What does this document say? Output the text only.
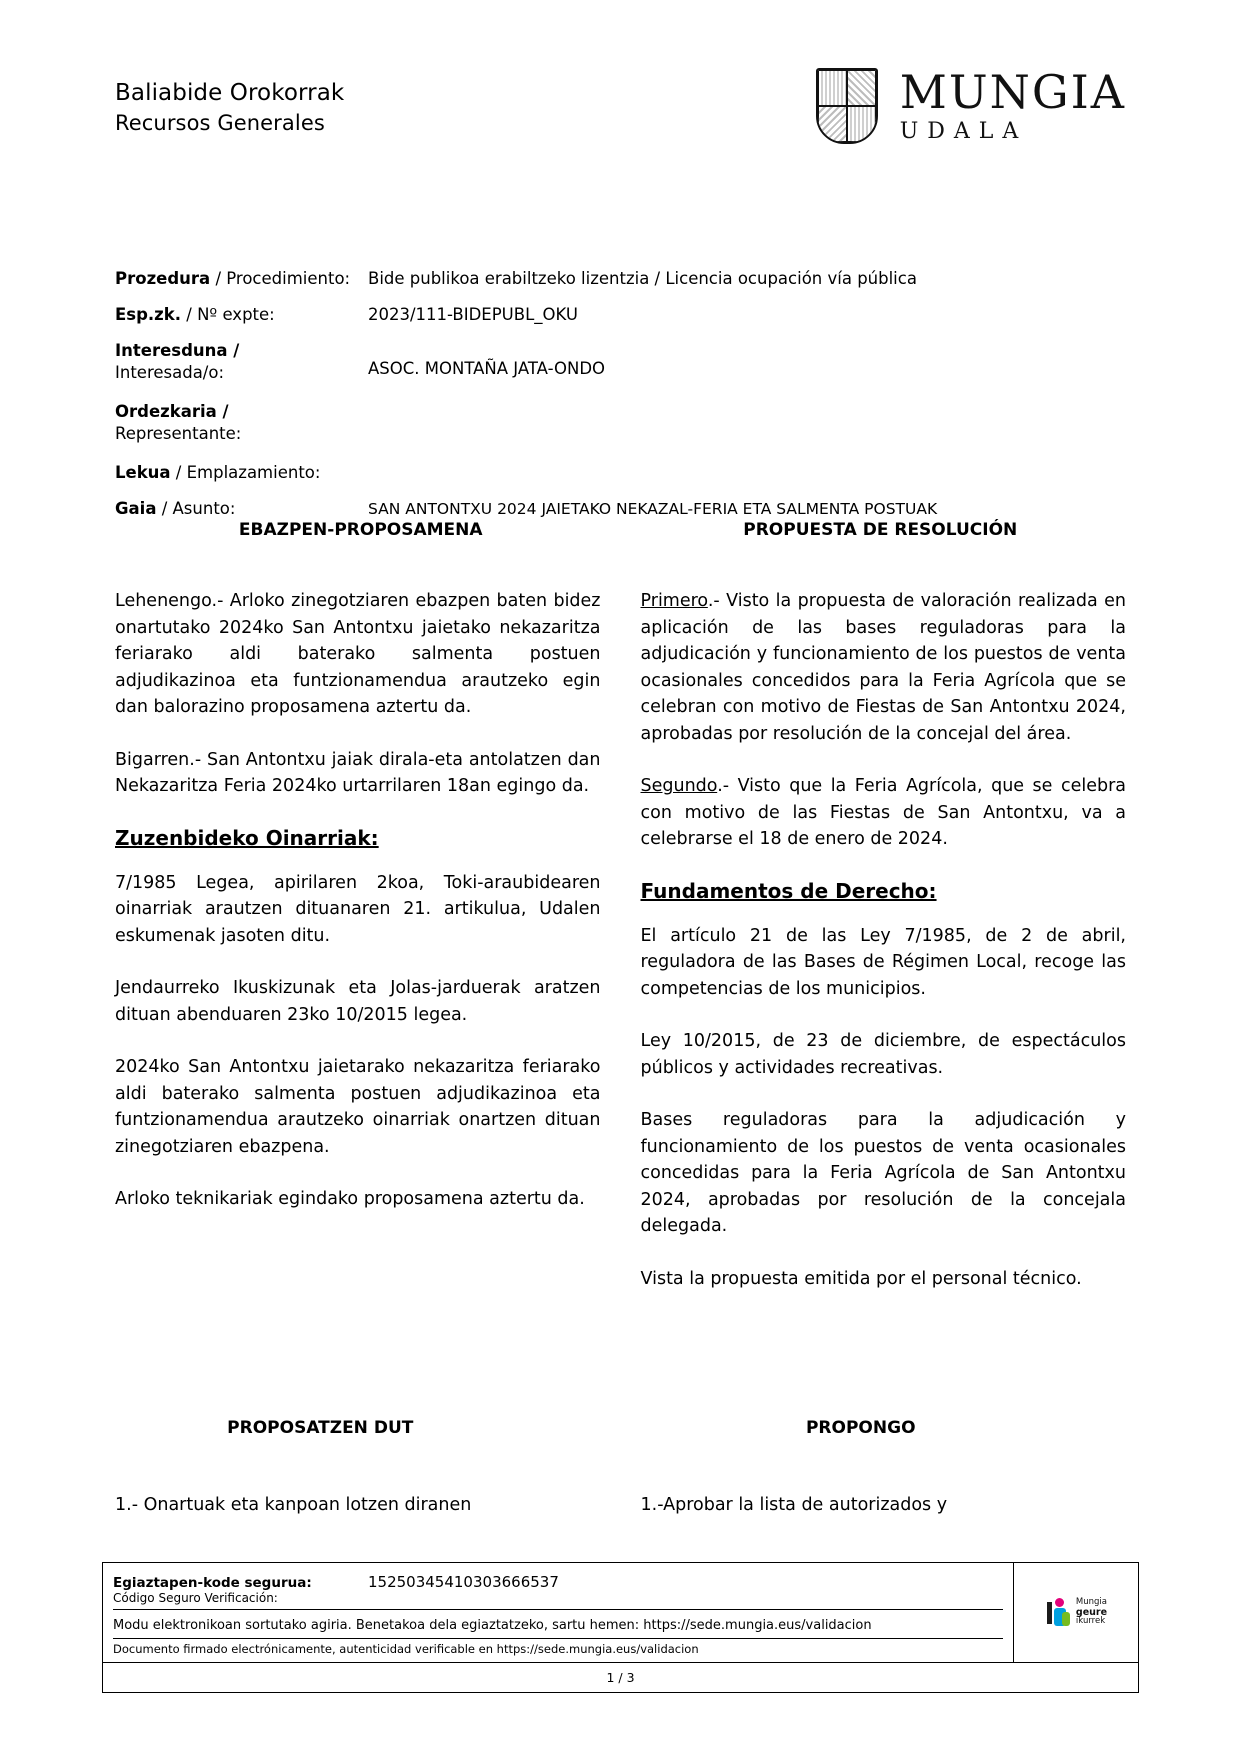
Baliabide Orokorrak
Recursos Generales
MUNGIA
UDALA
Prozedura / Procedimiento:	Bide publikoa erabiltzeko lizentzia / Licencia ocupación vía pública
Esp.zk. / Nº expte:	2023/111-BIDEPUBL_OKU
Interesduna /
Interesada/o:	ASOC. MONTAÑA JATA-ONDO
Ordezkaria /
Representante:
Lekua / Emplazamiento:
Gaia / Asunto:	SAN ANTONTXU 2024 JAIETAKO NEKAZAL-FERIA ETA SALMENTA POSTUAK
EBAZPEN-PROPOSAMENA	PROPUESTA DE RESOLUCIÓN

Lehenengo.- Arloko zinegotziaren ebazpen baten bidez onartutako 2024ko San Antontxu jaietako nekazaritza feriarako aldi baterako salmenta postuen adjudikazinoa eta funtzionamendua arautzeko egin dan balorazino proposamena aztertu da.

Bigarren.- San Antontxu jaiak dirala-eta antolatzen dan Nekazaritza Feria 2024ko urtarrilaren 18an egingo da.

Zuzenbideko Oinarriak:

7/1985 Legea, apirilaren 2koa, Toki-araubidearen oinarriak arautzen dituanaren 21. artikulua, Udalen eskumenak jasoten ditu.

Jendaurreko Ikuskizunak eta Jolas-jarduerak aratzen dituan abenduaren 23ko 10/2015 legea.

2024ko San Antontxu jaietarako nekazaritza feriarako aldi baterako salmenta postuen adjudikazinoa eta funtzionamendua arautzeko oinarriak onartzen dituan zinegotziaren ebazpena.

Arloko teknikariak egindako proposamena aztertu da.

Primero.- Visto la propuesta de valoración realizada en aplicación de las bases reguladoras para la adjudicación y funcionamiento de los puestos de venta ocasionales concedidos para la Feria Agrícola que se celebran con motivo de Fiestas de San Antontxu 2024, aprobadas por resolución de la concejal del área.

Segundo.- Visto que la Feria Agrícola, que se celebra con motivo de las Fiestas de San Antontxu, va a celebrarse el 18 de enero de 2024.

Fundamentos de Derecho:

El artículo 21 de las Ley 7/1985, de 2 de abril, reguladora de las Bases de Régimen Local, recoge las competencias de los municipios.

Ley 10/2015, de 23 de diciembre, de espectáculos públicos y actividades recreativas.

Bases reguladoras para la adjudicación y funcionamiento de los puestos de venta ocasionales concedidas para la Feria Agrícola de San Antontxu 2024, aprobadas por resolución de la concejala delegada.

Vista la propuesta emitida por el personal técnico.

PROPOSATZEN DUT	PROPONGO

1.- Onartuak eta kanpoan lotzen diranen	1.-Aprobar la lista de autorizados y

Egiaztapen-kode segurua:
Código Seguro Verificación:
15250345410303666537
Modu elektronikoan sortutako agiria. Benetakoa dela egiaztatzeko, sartu hemen: https://sede.mungia.eus/validacion
Documento firmado electrónicamente, autenticidad verificable en https://sede.mungia.eus/validacion
Mungia
geure
ikurrek
1 / 3
